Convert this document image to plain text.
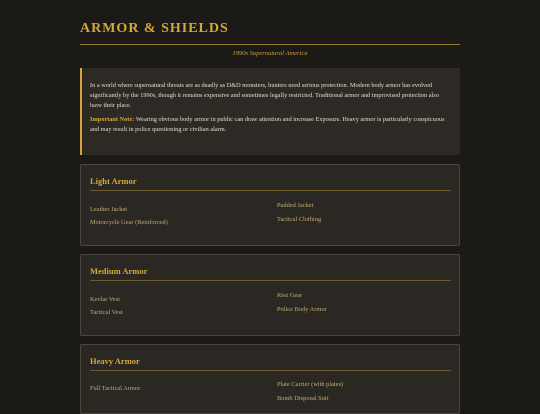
ARMOR & SHIELDS
1990s Supernatural America

In a world where supernatural threats are as deadly as D&D monsters, hunters need serious protection. Modern body armor has evolved significantly by the 1990s, though it remains expensive and sometimes legally restricted. Traditional armor and improvised protection also have their place.

Important Note: Wearing obvious body armor in public can draw attention and increase Exposure. Heavy armor is particularly conspicuous and may result in police questioning or civilian alarm.

Light Armor
Leather Jacket
Motorcycle Gear (Reinforced)
Padded Jacket
Tactical Clothing
Medium Armor
Kevlar Vest
Tactical Vest
Riot Gear
Police Body Armor
Heavy Armor
Full Tactical Armor
Plate Carrier (with plates)
Bomb Disposal Suit
